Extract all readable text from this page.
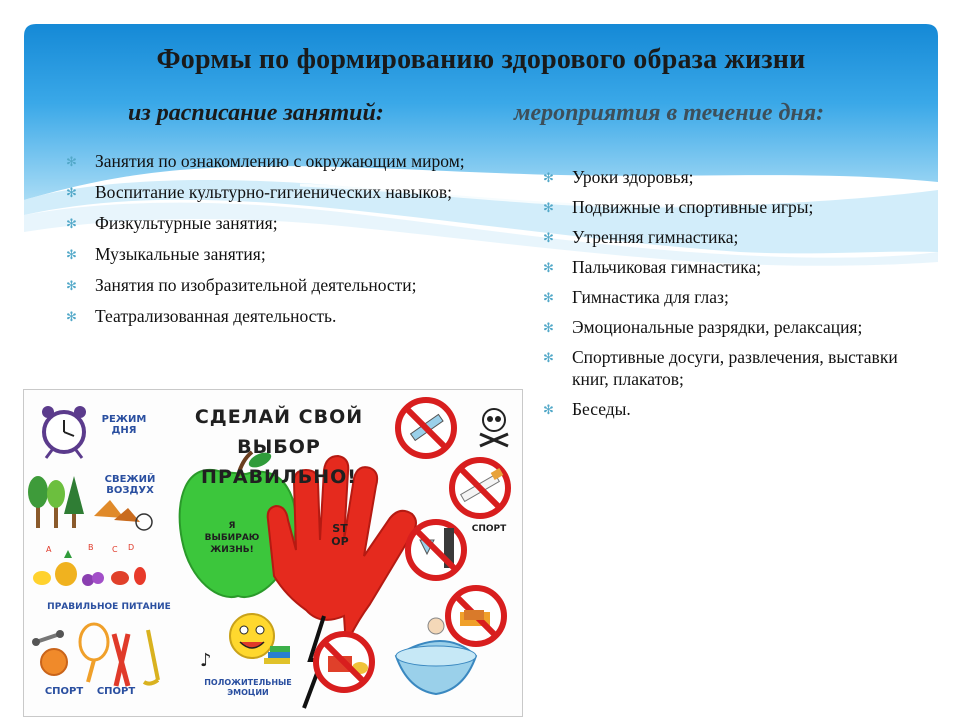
Формы по формированию здорового образа жизни
из расписание занятий:	мероприятия в течение дня:
✻ Занятия по ознакомлению с окружающим миром;
✻ Воспитание культурно-гигиенических навыков;
✻ Физкультурные занятия;
✻ Музыкальные занятия;
✻ Занятия по изобразительной деятельности;
✻ Театрализованная деятельность.
✻ Уроки здоровья;
✻ Подвижные и спортивные игры;
✻ Утренняя гимнастика;
✻ Пальчиковая гимнастика;
✻ Гимнастика для глаз;
✻ Эмоциональные разрядки, релаксация;
✻ Спортивные досуги, развлечения, выставки книг, плакатов;
✻ Беседы.
A	B C D
♪
СДЕЛАЙ СВОЙ
ВЫБОР ПРАВИЛЬНО!
РЕЖИМ ДНЯ
СВЕЖИЙ ВОЗДУХ
ПРАВИЛЬНОЕ ПИТАНИЕ
СПОРТ	СПОРТ
ПОЛОЖИТЕЛЬНЫЕ ЭМОЦИИ
Я ВЫБИРАЮ ЖИЗНЬ!
STOP
СПОРТ
